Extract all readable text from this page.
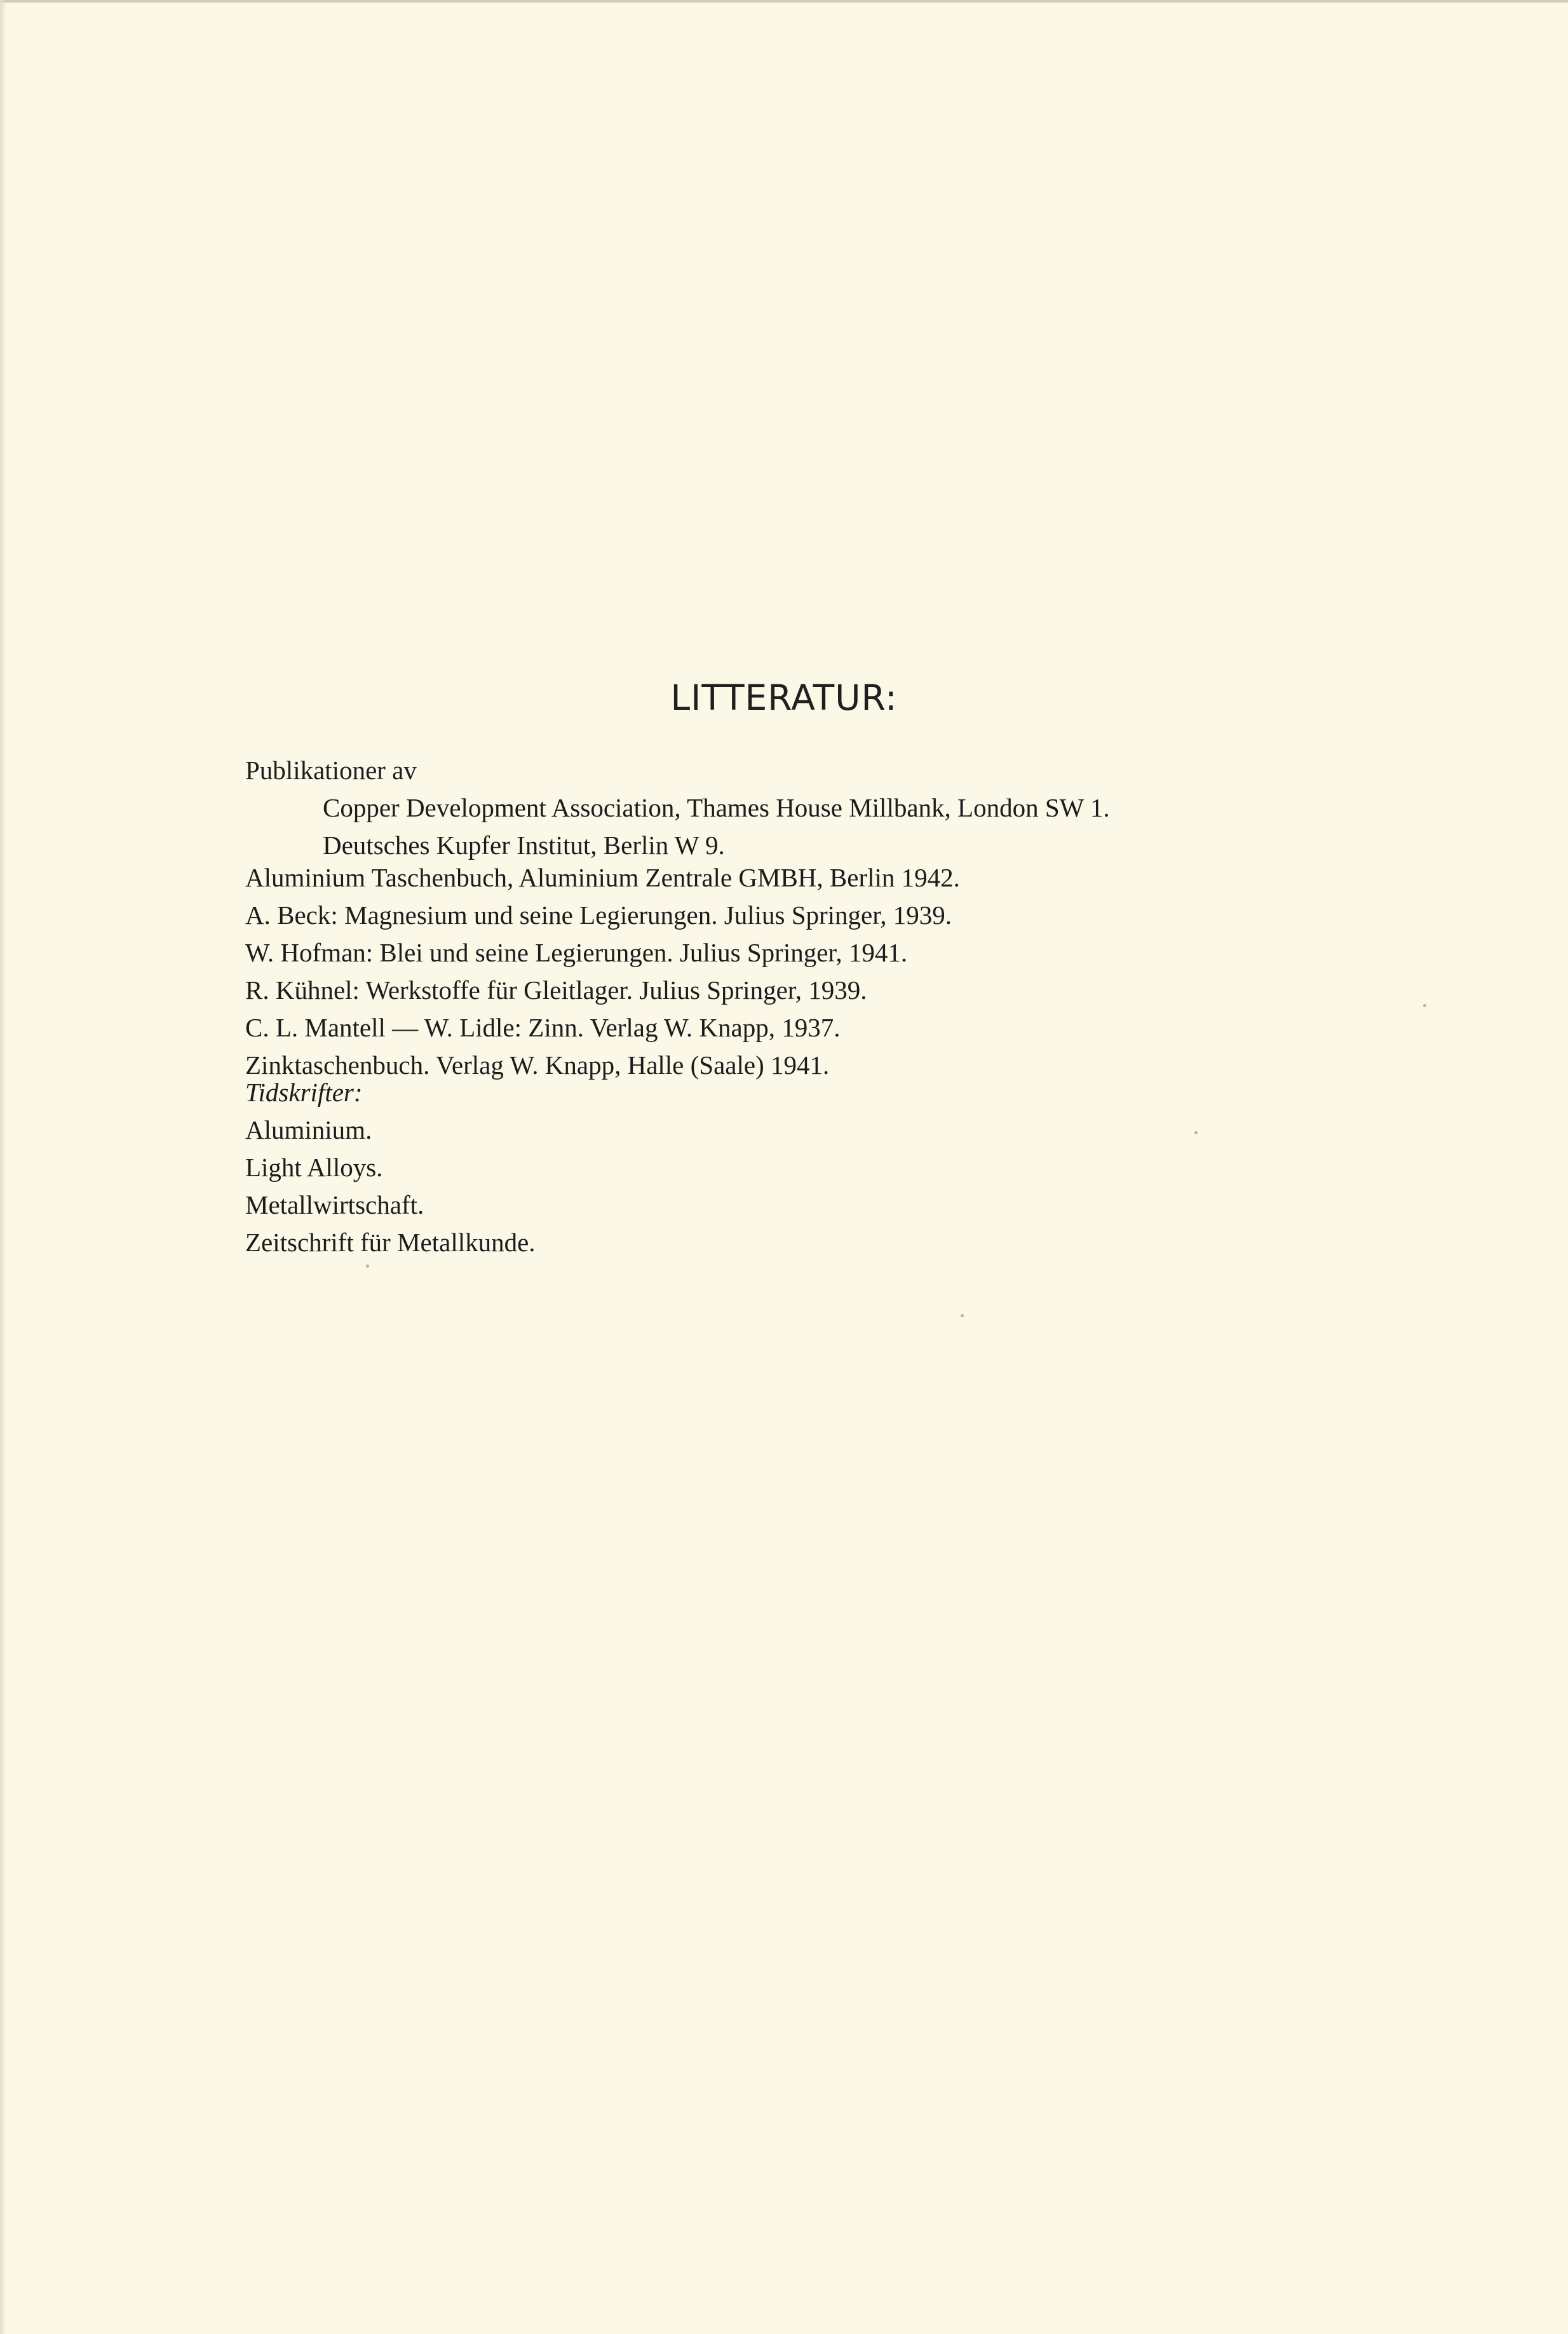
LITTERATUR:
Publikationer av
Copper Development Association, Thames House Millbank, London SW 1.
Deutsches Kupfer Institut, Berlin W 9.
Aluminium Taschenbuch, Aluminium Zentrale GMBH, Berlin 1942.
A. Beck: Magnesium und seine Legierungen. Julius Springer, 1939.
W. Hofman: Blei und seine Legierungen. Julius Springer, 1941.
R. Kühnel: Werkstoffe für Gleitlager. Julius Springer, 1939.
C. L. Mantell — W. Lidle: Zinn. Verlag W. Knapp, 1937.
Zinktaschenbuch. Verlag W. Knapp, Halle (Saale) 1941.
Tidskrifter:
Aluminium.
Light Alloys.
Metallwirtschaft.
Zeitschrift für Metallkunde.
